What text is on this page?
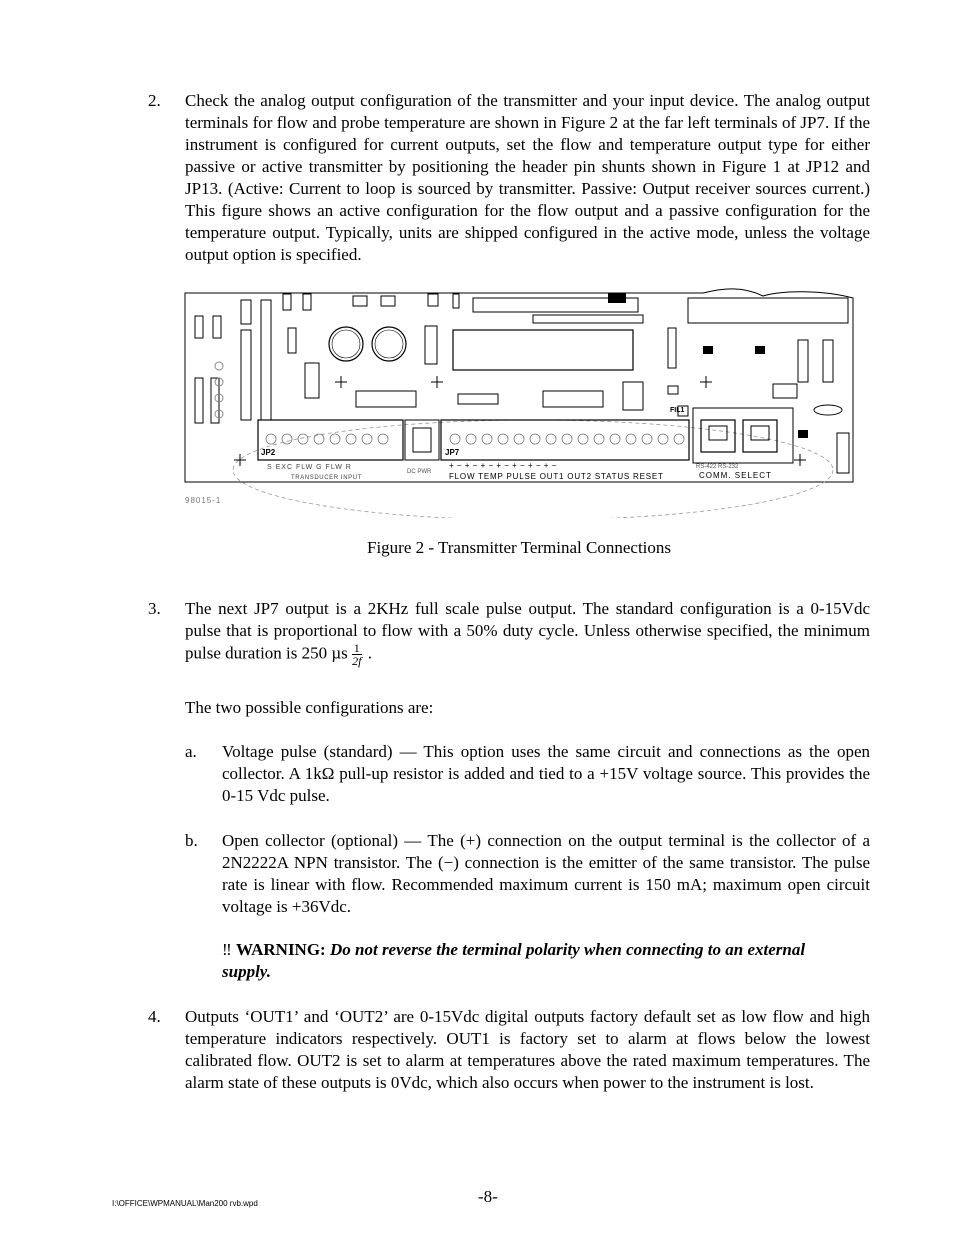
2.	Check the analog output configuration of the transmitter and your input device. The analog output terminals for flow and probe temperature are shown in Figure 2 at the far left terminals of JP7. If the instrument is configured for current outputs, set the flow and temperature output type for either passive or active transmitter by positioning the header pin shunts shown in Figure 1 at JP12 and JP13. (Active: Current to loop is sourced by transmitter. Passive: Output receiver sources current.) This figure shows an active configuration for the flow output and a passive configuration for the temperature output. Typically, units are shipped configured in the active mode, unless the voltage output option is specified.
FIL1
JP2
DC PWR
JP7
S EXC FLW G FLW R
TRANSDUCER INPUT
+ − + − + − + − + − + − + −
FLOW TEMP PULSE OUT1 OUT2 STATUS RESET
RS-422 RS-232
COMM. SELECT
98015-1
Figure 2 - Transmitter Terminal Connections
3.	The next JP7 output is a 2KHz full scale pulse output. The standard configuration is a 0-15Vdc pulse that is proportional to flow with a 50% duty cycle. Unless otherwise specified, the minimum pulse duration is 250 µs $\frac{1}{2f}$ .
The two possible configurations are:
a.	Voltage pulse (standard) — This option uses the same circuit and connections as the open collector. A 1kΩ pull-up resistor is added and tied to a +15V voltage source. This provides the 0-15 Vdc pulse.
b.	Open collector (optional) — The (+) connection on the output terminal is the collector of a 2N2222A NPN transistor. The (−) connection is the emitter of the same transistor. The pulse rate is linear with flow. Recommended maximum current is 150 mA; maximum open circuit voltage is +36Vdc.
‼ WARNING: Do not reverse the terminal polarity when connecting to an external supply.
4.	Outputs ‘OUT1’ and ‘OUT2’ are 0-15Vdc digital outputs factory default set as low flow and high temperature indicators respectively. OUT1 is factory set to alarm at flows below the lowest calibrated flow. OUT2 is set to alarm at temperatures above the rated maximum temperatures. The alarm state of these outputs is 0Vdc, which also occurs when power to the instrument is lost.
I:\OFFICE\WPMANUAL\Man200 rvb.wpd	-8-
